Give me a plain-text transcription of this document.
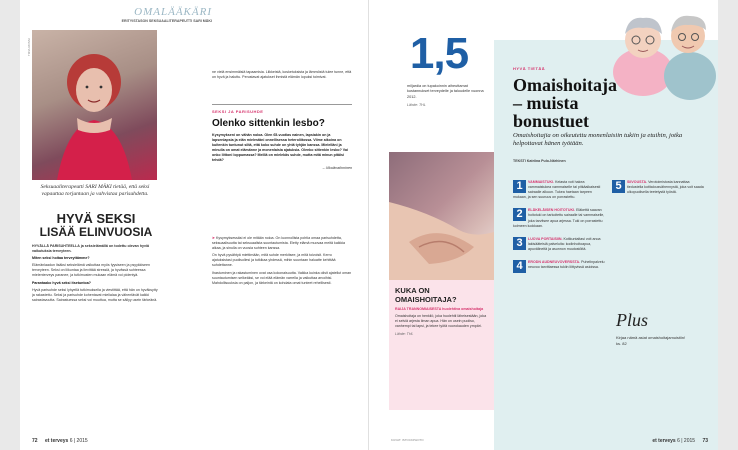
OMALÄÄKÄRI
ERITYISTASON SEKSUAALITERAPEUTTI SARI MÄKI
TIINA ROSSI
Seksuaaliterapeutti SARI MÄKI tietää, että seksi vapauttaa torjuntaan ja vahvistaa parisuhdetta.
HYVÄ SEKSI
LISÄÄ ELINVUOSIA

HYVÄLLÄ PARISUHTEELLA ja seksielämällä on todettu olevan hyviä vaikutuksia terveyteen.

Miten seksi hoitaa terveyttämme?

Elämänlaadun lisäksi seksielämä vaikuttaa myös fyysiseen ja psyykkiseen terveyteen. Seksi on liikuntaa ja lievittää stressiä, ja hyvässä suhteessa mielenterveys paranee, ja tutkimusten mukaan elämä voi pidentyä.

Parantaako hyvä seksi itsetuntoa?

Hyvä parisuhde seksi lyhyellä tutkimuksella ja viestittää, että hän on hyväksytty ja rakastettu. Seksi ja parisuhde kohentavat mielialaa ja vähentävät kaikki sairastavuutta. Sairastuessa seksi voi muuttua, mutta se säilyy usein tärkeänä.

ne vielä ensimmäisiä tapaamisia. Liikkeistä, kosketuksista ja lämmöstä tulee tunne, että on hyvä ja haluttu. Perustavat ajatukset ihmistä elämän lopuksi toimivat.

SEKSI JA PARISUHDE
Olenko sittenkin lesbo?

Kysymykseni on vähän noloa. Olen 65-vuotias nainen, lapsiakin on ja lapsenlapsia ja elän mielestäni onnellisessa heteroliitossa. Viime aikoina on kuitenkin tuntunut siltä, että koko suhde on yhtä tyhjän kanssa. Mielelläni ja minulla on omat elämänne ja monenlaisia ajatuksia. Olenko sittenkin lesbo? Vai onko liittoni loppumassa? Meillä on mielekäs suhde, mutta mitä minun pitäisi tehdä?

– Ulkoilmaihminen

➤ Kysymyksessäsi ei ole mitään noloa. On luonnollista pohtia omaa parisuhdetta, seksuaalisuutta tai seksuaalista suuntautumista. Eletty elämä muovaa meitä kaikkia aikaa, ja sinulla on vuosia suhteen kanssa.

On hyvä pysähtyä miettimään, mitä suhde merkitsee, ja mitä toivoisit. Kerro ajatuksistasi puolisollesi ja tutkikaa yhdessä, mihin suuntaan haluatte kehittää suhdettanne.

Ihastuminen ja rakastuminen ovat osa kokonaisuutta. Vaikka kuinka olisit ajatellut oman suuntautumisen selkeäksi, se voi elää elämän varrella ja vaikuttaa arvoihisi. Mahdollisuuksia on paljon, ja tärkeintä on kohdata omat tunteet rehellisesti.

72 et terveys 6 | 2015
1,5
miljardia on tupakoinnin aiheuttamat kustannukset terveydelle ja taloudelle vuonna 2012.
Lähde: THL
KUKA ON
OMAISHOITAJA?
RAIJA TRANNOMIAISESTA huolehtiva omaishoitaja
Omaishoitaja on henkilö, joka huolehtii läheisestään, joka ei selviä arjesta ilman apua. Hän on usein puoliso, vanhempi tai lapsi, ja tekee työtä vuorokauden ympäri.
Lähde: THL
KUVAT: ISTOCKPHOTO
HYVÄ TIETÄÄ
Omaishoitaja
– muista
bonustuet
Omaishoitajia on oikeutettu monenlaisiin tukiin ja etuihin, jotka helpottavat hänen työtään.
TEKSTI Katriina Pulo-Närhinen
1	VAMMAISTUKI. Kelasta voit hakea vammaistukea vammaiselle tai pitkäaikaisesti sairaalle alkuun. Tukea haetaan tarpeen mukaan, ja sen suuruus on porrastettu.

2	ELÄKELÄISEN HOITOTUKI. Eläkettä saavan hoitotuki on tarkoitettu sairaalle tai vammaiselle, joka tarvitsee apua arjessa. Tuki on porrastettu kolmeen luokkaan.

3	LUOVA PORTAISIIN. Kotikuntaltasi voit anoa lakisääteisiä palveluita: kodinhoitoapua, apuvälineitä ja asunnon muutostöitä.

4	ERODN AUDNEUVOVERSSTA. Puhelinpalvelu neuvoo tarvittaessa tukiin liittyvissä asioissa.

5	SIIVOUSTA. Verotoimistosta kannattaa tiedustella kotitalousvähennystä, joka voit saada ulkopuolisella teetetystä työstä.

Plus
Kirjaa nämä asiat omaishoitajamuistiin!
ks. 82
et terveys 6 | 2015 73
